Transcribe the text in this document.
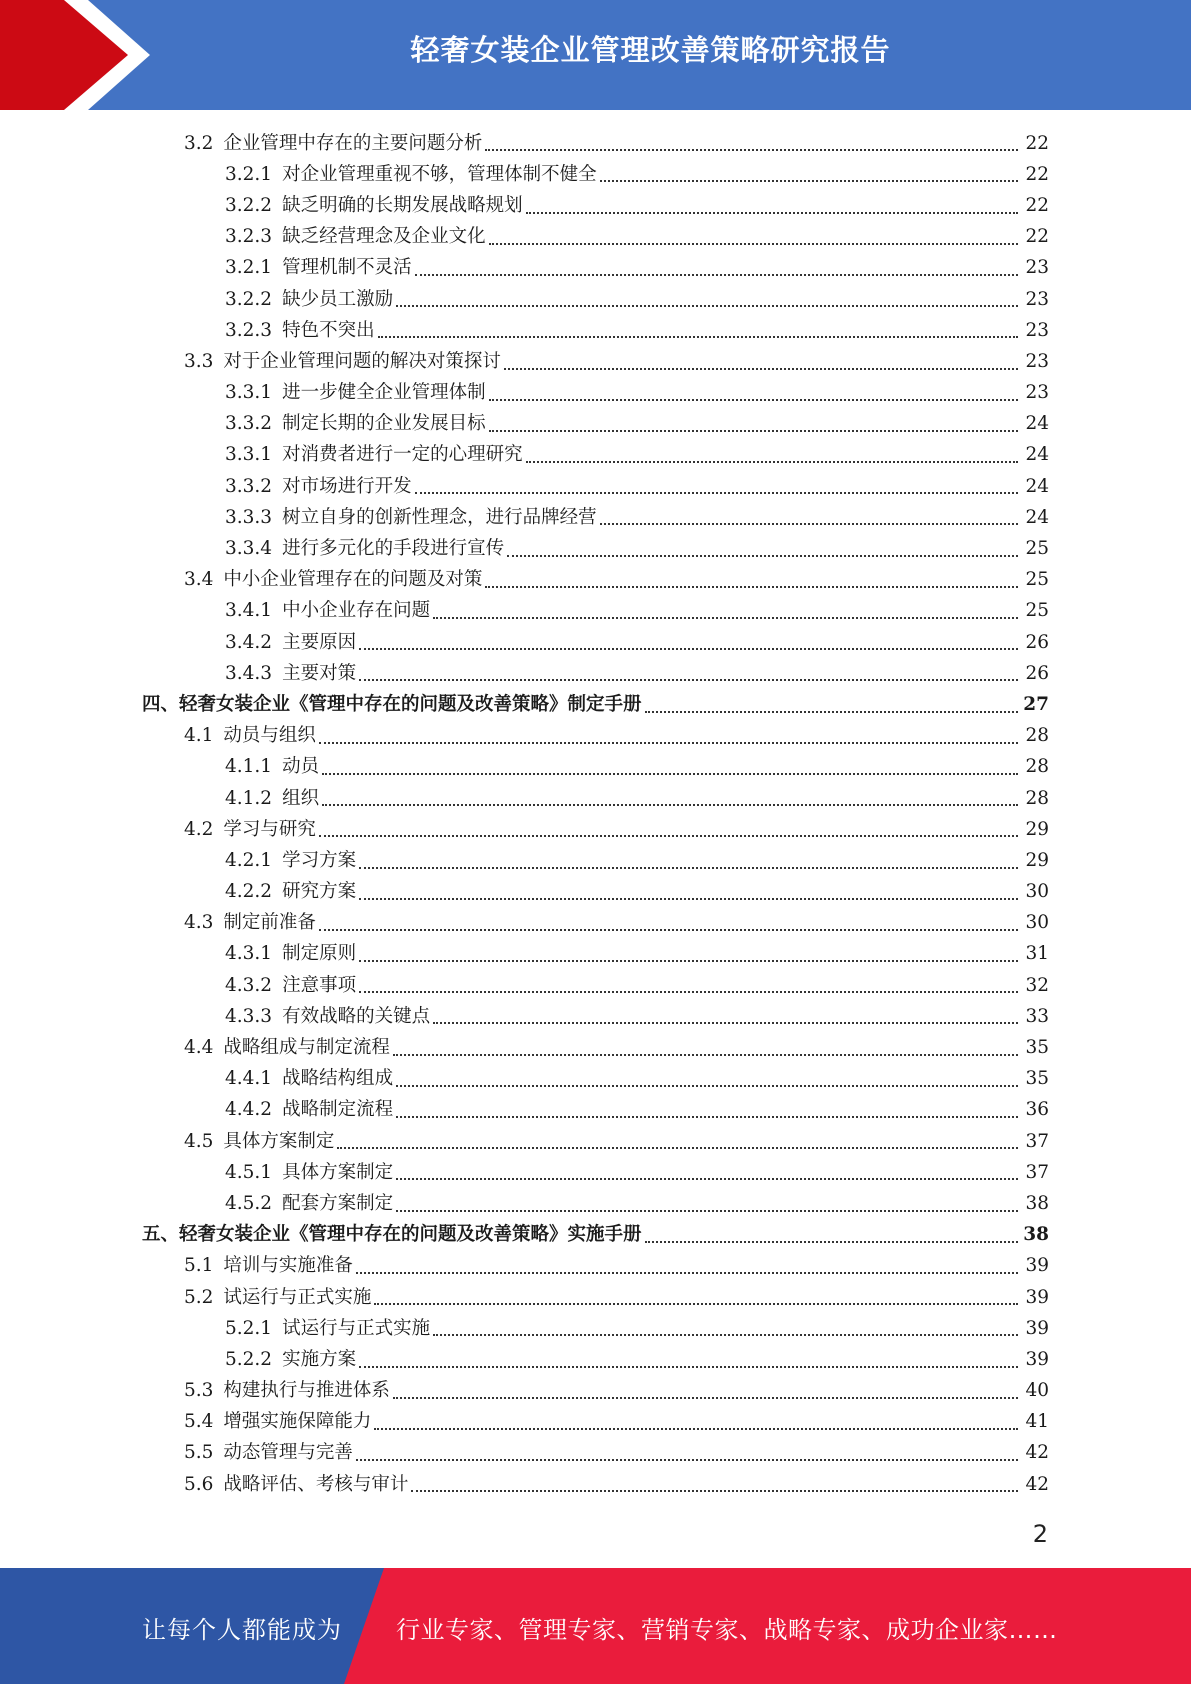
轻奢女装企业管理改善策略研究报告
3.2 企业管理中存在的主要问题分析	22
3.2.1 对企业管理重视不够，管理体制不健全	22
3.2.2 缺乏明确的长期发展战略规划	22
3.2.3 缺乏经营理念及企业文化	22
3.2.1 管理机制不灵活	23
3.2.2 缺少员工激励	23
3.2.3 特色不突出	23
3.3 对于企业管理问题的解决对策探讨	23
3.3.1 进一步健全企业管理体制	23
3.3.2 制定长期的企业发展目标	24
3.3.1 对消费者进行一定的心理研究	24
3.3.2 对市场进行开发	24
3.3.3 树立自身的创新性理念，进行品牌经营	24
3.3.4 进行多元化的手段进行宣传	25
3.4 中小企业管理存在的问题及对策	25
3.4.1 中小企业存在问题	25
3.4.2 主要原因	26
3.4.3 主要对策	26
四、轻奢女装企业《管理中存在的问题及改善策略》制定手册	27
4.1 动员与组织	28
4.1.1 动员	28
4.1.2 组织	28
4.2 学习与研究	29
4.2.1 学习方案	29
4.2.2 研究方案	30
4.3 制定前准备	30
4.3.1 制定原则	31
4.3.2 注意事项	32
4.3.3 有效战略的关键点	33
4.4 战略组成与制定流程	35
4.4.1 战略结构组成	35
4.4.2 战略制定流程	36
4.5 具体方案制定	37
4.5.1 具体方案制定	37
4.5.2 配套方案制定	38
五、轻奢女装企业《管理中存在的问题及改善策略》实施手册	38
5.1 培训与实施准备	39
5.2 试运行与正式实施	39
5.2.1 试运行与正式实施	39
5.2.2 实施方案	39
5.3 构建执行与推进体系	40
5.4 增强实施保障能力	41
5.5 动态管理与完善	42
5.6 战略评估、考核与审计	42
2
让每个人都能成为 行业专家、管理专家、营销专家、战略专家、成功企业家……
